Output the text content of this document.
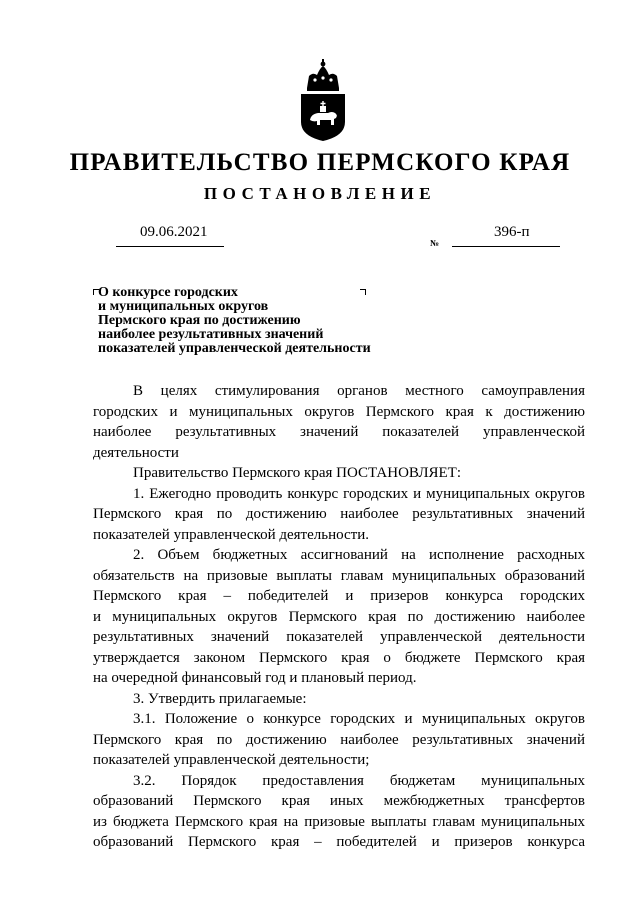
ПРАВИТЕЛЬСТВО ПЕРМСКОГО КРАЯ
ПОСТАНОВЛЕНИЕ
09.06.2021
№
396-п
О конкурсе городских
и муниципальных округов
Пермского края по достижению
наиболее результативных значений
показателей управленческой деятельности

В целях стимулирования органов местного самоуправления

городских и муниципальных округов Пермского края к достижению

наиболее результативных значений показателей управленческой

деятельности

Правительство Пермского края ПОСТАНОВЛЯЕТ:

1. Ежегодно проводить конкурс городских и муниципальных округов

Пермского края по достижению наиболее результативных значений

показателей управленческой деятельности.

2. Объем бюджетных ассигнований на исполнение расходных

обязательств на призовые выплаты главам муниципальных образований

Пермского края – победителей и призеров конкурса городских

и муниципальных округов Пермского края по достижению наиболее

результативных значений показателей управленческой деятельности

утверждается законом Пермского края о бюджете Пермского края

на очередной финансовый год и плановый период.

3. Утвердить прилагаемые:

3.1. Положение о конкурсе городских и муниципальных округов

Пермского края по достижению наиболее результативных значений

показателей управленческой деятельности;

3.2. Порядок предоставления бюджетам муниципальных

образований Пермского края иных межбюджетных трансфертов

из бюджета Пермского края на призовые выплаты главам муниципальных

образований Пермского края – победителей и призеров конкурса
